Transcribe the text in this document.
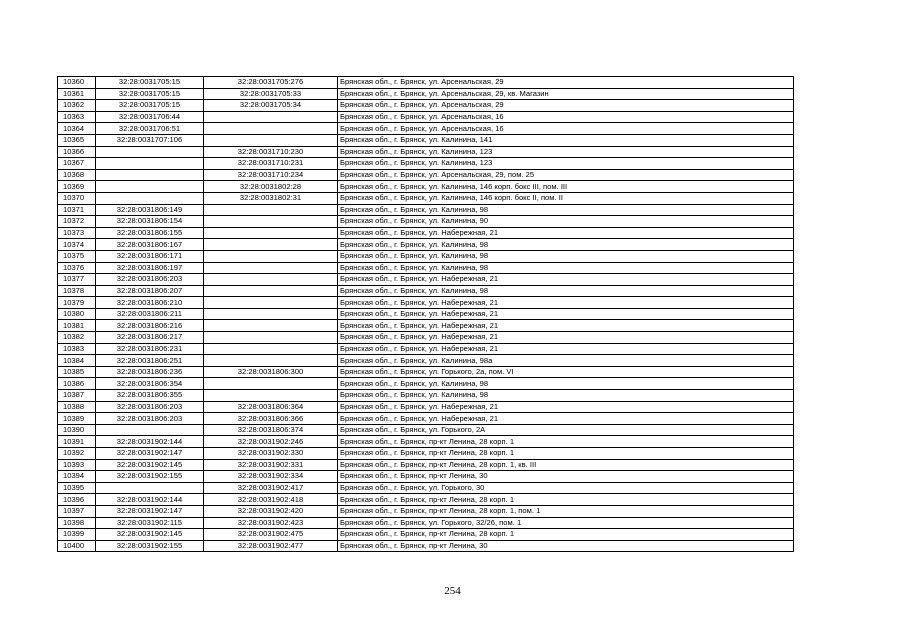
10360	32:28:0031705:15	32:28:0031705:276	Брянская обл., г. Брянск, ул. Арсенальская, 29
10361	32:28:0031705:15	32:28:0031705:33	Брянская обл., г. Брянск, ул. Арсенальская, 29, кв. Магазин
10362	32:28:0031705:15	32:28:0031705:34	Брянская обл., г. Брянск, ул. Арсенальская, 29
10363	32:28:0031706:44		Брянская обл., г. Брянск, ул. Арсенальская, 16
10364	32:28:0031706:51		Брянская обл., г. Брянск, ул. Арсенальская, 16
10365	32:28:0031707:106		Брянская обл., г. Брянск, ул. Калинина, 141
10366		32:28:0031710:230	Брянская обл., г. Брянск, ул. Калинина, 123
10367		32:28:0031710:231	Брянская обл., г. Брянск, ул. Калинина, 123
10368		32:28:0031710:234	Брянская обл., г. Брянск, ул. Арсенальская, 29, пом. 25
10369		32:28:0031802:28	Брянская обл., г. Брянск, ул. Калинина, 146 корп. бокс III, пом. III
10370		32:28:0031802:31	Брянская обл., г. Брянск, ул. Калинина, 146 корп. бокс II, пом. II
10371	32:28:0031806:149		Брянская обл., г. Брянск, ул. Калинина, 98
10372	32:28:0031806:154		Брянская обл., г. Брянск, ул. Калинина, 90
10373	32:28:0031806:155		Брянская обл., г. Брянск, ул. Набережная, 21
10374	32:28:0031806:167		Брянская обл., г. Брянск, ул. Калинина, 98
10375	32:28:0031806:171		Брянская обл., г. Брянск, ул. Калинина, 98
10376	32:28:0031806:197		Брянская обл., г. Брянск, ул. Калинина, 98
10377	32:28:0031806:203		Брянская обл., г. Брянск, ул. Набережная, 21
10378	32:28:0031806:207		Брянская обл., г. Брянск, ул. Калинина, 98
10379	32:28:0031806:210		Брянская обл., г. Брянск, ул. Набережная, 21
10380	32:28:0031806:211		Брянская обл., г. Брянск, ул. Набережная, 21
10381	32:28:0031806:216		Брянская обл., г. Брянск, ул. Набережная, 21
10382	32:28:0031806:217		Брянская обл., г. Брянск, ул. Набережная, 21
10383	32:28:0031806:231		Брянская обл., г. Брянск, ул. Набережная, 21
10384	32:28:0031806:251		Брянская обл., г. Брянск, ул. Калинина, 98а
10385	32:28:0031806:236	32:28:0031806:300	Брянская обл., г. Брянск, ул. Горького, 2а, пом. VI
10386	32:28:0031806:354		Брянская обл., г. Брянск, ул. Калинина, 98
10387	32:28:0031806:355		Брянская обл., г. Брянск, ул. Калинина, 98
10388	32:28:0031806:203	32:28:0031806:364	Брянская обл., г. Брянск, ул. Набережная, 21
10389	32:28:0031806:203	32:28:0031806:366	Брянская обл., г. Брянск, ул. Набережная, 21
10390		32:28:0031806:374	Брянская обл., г. Брянск, ул. Горького, 2А
10391	32:28:0031902:144	32:28:0031902:246	Брянская обл., г. Брянск, пр-кт Ленина, 28 корп. 1
10392	32:28:0031902:147	32:28:0031902:330	Брянская обл., г. Брянск, пр-кт Ленина, 28 корп. 1
10393	32:28:0031902:145	32:28:0031902:331	Брянская обл., г. Брянск, пр-кт Ленина, 28 корп. 1, кв. III
10394	32:28:0031902:155	32:28:0031902:334	Брянская обл., г. Брянск, пр-кт Ленина, 30
10395		32:28:0031902:417	Брянская обл., г. Брянск, ул. Горького, 30
10396	32:28:0031902:144	32:28:0031902:418	Брянская обл., г. Брянск, пр-кт Ленина, 28 корп. 1
10397	32:28:0031902:147	32:28:0031902:420	Брянская обл., г. Брянск, пр-кт Ленина, 28 корп. 1, пом. 1
10398	32:28:0031902:115	32:28:0031902:423	Брянская обл., г. Брянск, ул. Горького, 32/26, пом. 1
10399	32:28:0031902:145	32:28:0031902:475	Брянская обл., г. Брянск, пр-кт Ленина, 28 корп. 1
10400	32:28:0031902:155	32:28:0031902:477	Брянская обл., г. Брянск, пр-кт Ленина, 30
254
